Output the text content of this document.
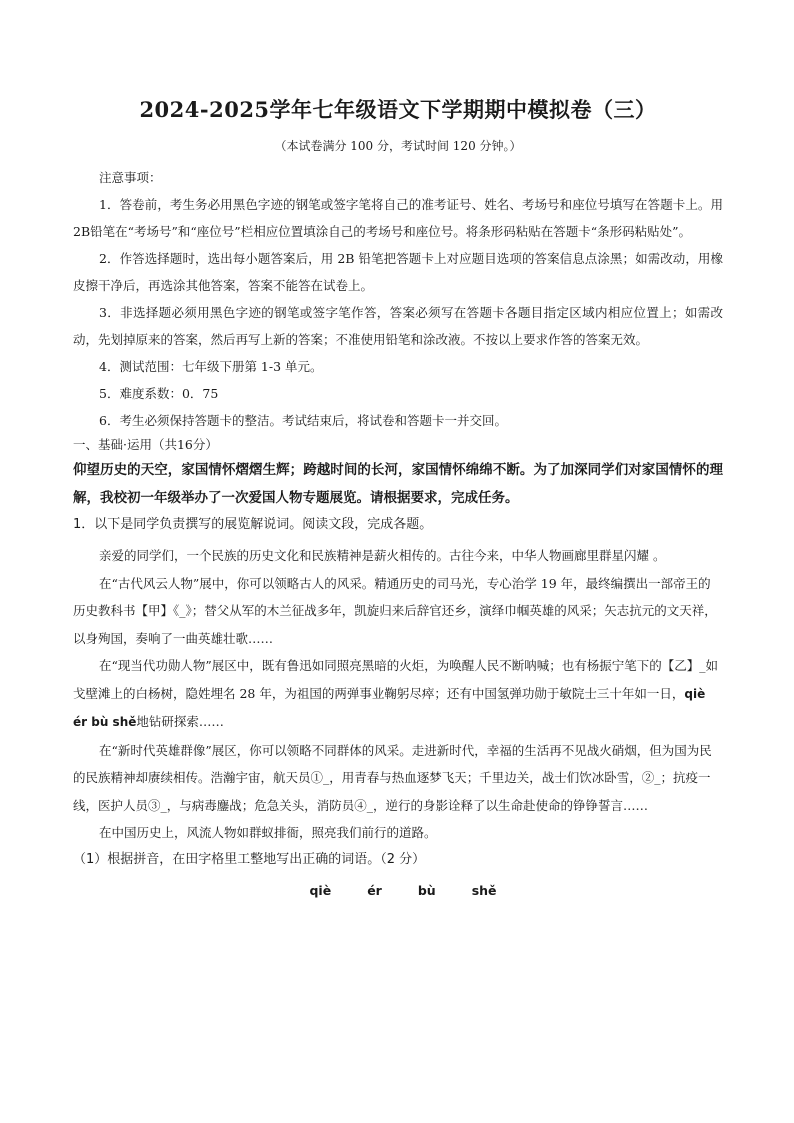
2024-2025学年七年级语文下学期期中模拟卷（三）
（本试卷满分 100 分，考试时间 120 分钟。）

注意事项：

1．答卷前，考生务必用黑色字迹的钢笔或签字笔将自己的准考证号、姓名、考场号和座位号填写在答题卡上。用2B铅笔在“考场号”和“座位号”栏相应位置填涂自己的考场号和座位号。将条形码粘贴在答题卡“条形码粘贴处”。

2．作答选择题时，选出每小题答案后，用 2B 铅笔把答题卡上对应题目选项的答案信息点涂黑；如需改动，用橡皮擦干净后，再选涂其他答案，答案不能答在试卷上。

3．非选择题必须用黑色字迹的钢笔或签字笔作答，答案必须写在答题卡各题目指定区域内相应位置上；如需改动，先划掉原来的答案，然后再写上新的答案；不准使用铅笔和涂改液。不按以上要求作答的答案无效。

4．测试范围：七年级下册第 1-3 单元。

5．难度系数：0．75

6．考生必须保持答题卡的整洁。考试结束后，将试卷和答题卡一并交回。

一、基础·运用（共16分）

仰望历史的天空，家国情怀熠熠生辉；跨越时间的长河，家国情怀绵绵不断。为了加深同学们对家国情怀的理解，我校初一年级举办了一次爱国人物专题展览。请根据要求，完成任务。

1．以下是同学负责撰写的展览解说词。阅读文段，完成各题。

亲爱的同学们，一个民族的历史文化和民族精神是薪火相传的。古往今来，中华人物画廊里群星闪耀 。

在“古代风云人物”展中，你可以领略古人的风采。精通历史的司马光，专心治学 19 年，最终编撰出一部帝王的历史教科书【甲】《_》；替父从军的木兰征战多年，凯旋归来后辞官还乡，演绎巾帼英雄的风采；矢志抗元的文天祥，以身殉国，奏响了一曲英雄壮歌……

在“现当代功勋人物”展区中，既有鲁迅如同照亮黑暗的火炬，为唤醒人民不断呐喊；也有杨振宁笔下的【乙】_如戈壁滩上的白杨树，隐姓埋名 28 年，为祖国的两弹事业鞠躬尽瘁；还有中国氢弹功勋于敏院士三十年如一日，qiè ér bù shě地钻研探索……

在“新时代英雄群像”展区，你可以领略不同群体的风采。走进新时代，幸福的生活再不见战火硝烟，但为国为民的民族精神却赓续相传。浩瀚宇宙，航天员①_，用青春与热血逐梦飞天；千里边关，战士们饮冰卧雪，②_；抗疫一线，医护人员③_，与病毒鏖战；危急关头，消防员④_，逆行的身影诠释了以生命赴使命的铮铮誓言……

在中国历史上，风流人物如群蚁排衙，照亮我们前行的道路。

（1）根据拼音，在田字格里工整地写出正确的词语。（2 分）

qiè	ér	bù	shě
